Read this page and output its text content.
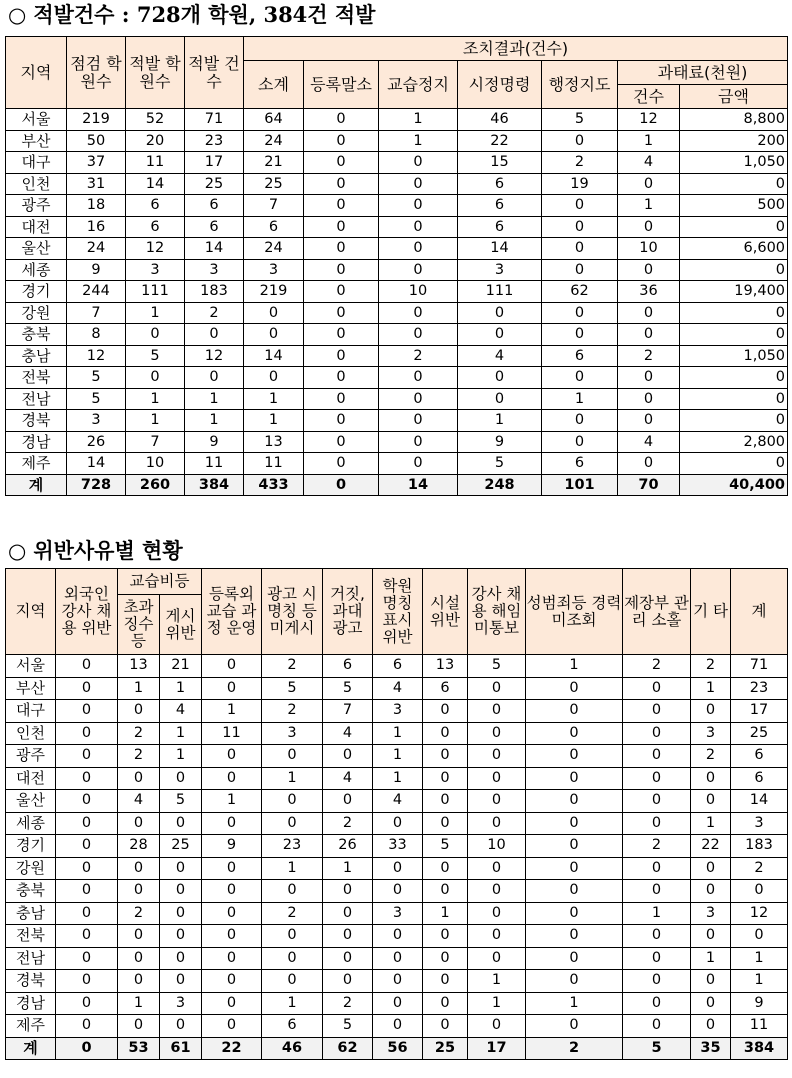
○ 적발건수 : 728개 학원, 384건 적발
지역	점검 학원수	적발 학원수	적발 건수	조치결과(건수)						
				소계	등록말소	교습정지	시정명령	행정지도	과태료(천원)	
									건수	금액
서울	219	52	71	64	0	1	46	5	12	8,800
부산	50	20	23	24	0	1	22	0	1	200
대구	37	11	17	21	0	0	15	2	4	1,050
인천	31	14	25	25	0	0	6	19	0	0
광주	18	6	6	7	0	0	6	0	1	500
대전	16	6	6	6	0	0	6	0	0	0
울산	24	12	14	24	0	0	14	0	10	6,600
세종	9	3	3	3	0	0	3	0	0	0
경기	244	111	183	219	0	10	111	62	36	19,400
강원	7	1	2	0	0	0	0	0	0	0
충북	8	0	0	0	0	0	0	0	0	0
충남	12	5	12	14	0	2	4	6	2	1,050
전북	5	0	0	0	0	0	0	0	0	0
전남	5	1	1	1	0	0	0	1	0	0
경북	3	1	1	1	0	0	1	0	0	0
경남	26	7	9	13	0	0	9	0	4	2,800
제주	14	10	11	11	0	0	5	6	0	0
계	728	260	384	433	0	14	248	101	70	40,400
○ 위반사유별 현황
지역	외국인 강사 채용 위반	교습비등		등록외 교습 과정 운영	광고 시 명칭 등 미게시	거짓, 과대 광고	학원 명칭 표시 위반	시설 위반	강사 채용 해임 미통보	성범죄등 경력 미조회	제장부 관리 소홀	기 타	계
		초과 징수 등	게시 위반										
서울	0	13	21	0	2	6	6	13	5	1	2	2	71
부산	0	1	1	0	5	5	4	6	0	0	0	1	23
대구	0	0	4	1	2	7	3	0	0	0	0	0	17
인천	0	2	1	11	3	4	1	0	0	0	0	3	25
광주	0	2	1	0	0	0	1	0	0	0	0	2	6
대전	0	0	0	0	1	4	1	0	0	0	0	0	6
울산	0	4	5	1	0	0	4	0	0	0	0	0	14
세종	0	0	0	0	0	2	0	0	0	0	0	1	3
경기	0	28	25	9	23	26	33	5	10	0	2	22	183
강원	0	0	0	0	1	1	0	0	0	0	0	0	2
충북	0	0	0	0	0	0	0	0	0	0	0	0	0
충남	0	2	0	0	2	0	3	1	0	0	1	3	12
전북	0	0	0	0	0	0	0	0	0	0	0	0	0
전남	0	0	0	0	0	0	0	0	0	0	0	1	1
경북	0	0	0	0	0	0	0	0	1	0	0	0	1
경남	0	1	3	0	1	2	0	0	1	1	0	0	9
제주	0	0	0	0	6	5	0	0	0	0	0	0	11
계	0	53	61	22	46	62	56	25	17	2	5	35	384
